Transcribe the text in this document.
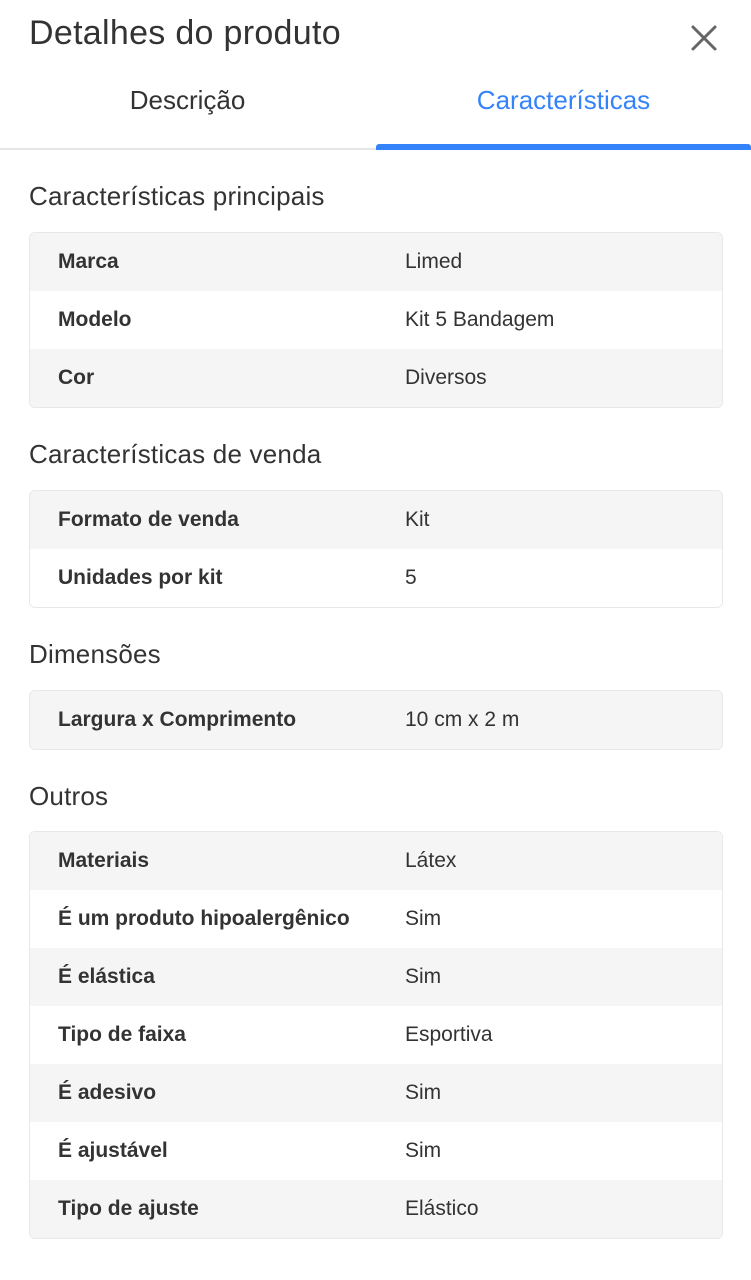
Detalhes do produto
Descrição	Características
Características principais
Marca	Limed
Modelo	Kit 5 Bandagem
Cor	Diversos
Características de venda
Formato de venda	Kit
Unidades por kit	5
Dimensões
Largura x Comprimento	10 cm x 2 m
Outros
Materiais	Látex
É um produto hipoalergênico	Sim
É elástica	Sim
Tipo de faixa	Esportiva
É adesivo	Sim
É ajustável	Sim
Tipo de ajuste	Elástico
